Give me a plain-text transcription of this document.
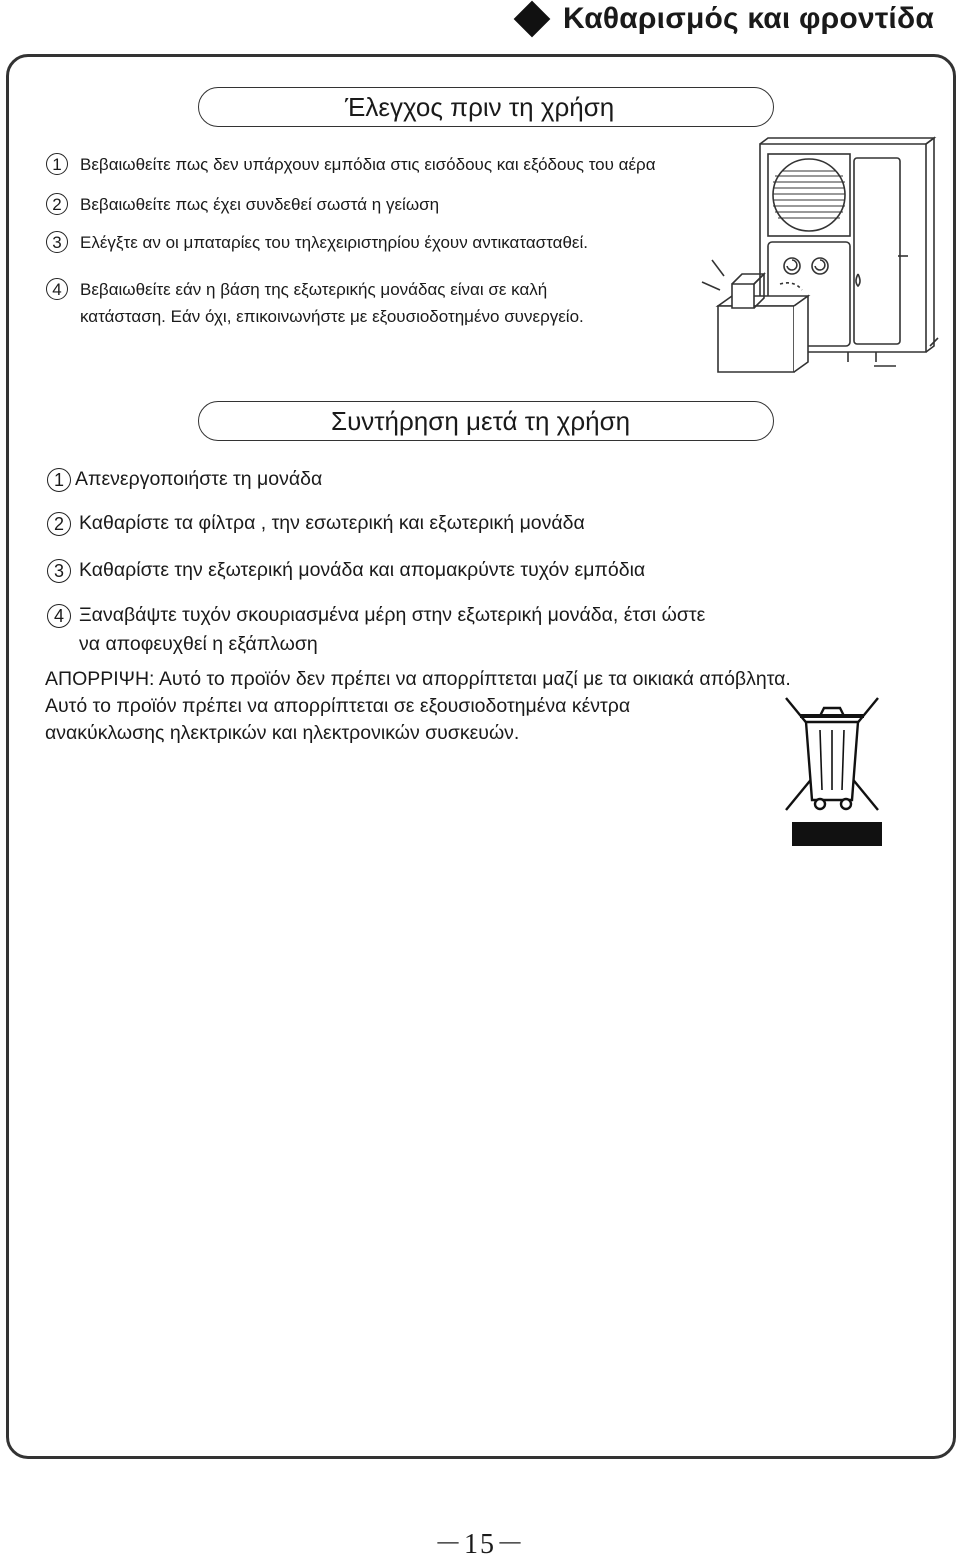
Καθαρισμός και φροντίδα
Έλεγχος πριν τη χρήση
1	Βεβαιωθείτε πως δεν υπάρχουν εμπόδια στις εισόδους και εξόδους του αέρα
2	Βεβαιωθείτε πως έχει συνδεθεί σωστά η γείωση
3	Ελέγξτε αν οι μπαταρίες του τηλεχειριστηρίου έχουν αντικατασταθεί.
4	Βεβαιωθείτε εάν η βάση της εξωτερικής μονάδας είναι σε καλή
κατάσταση. Εάν όχι, επικοινωνήστε με εξουσιοδοτημένο συνεργείο.
Συντήρηση μετά τη χρήση
1 Απενεργοποιήστε τη μονάδα
2 Καθαρίστε τα φίλτρα , την εσωτερική και εξωτερική μονάδα
3 Καθαρίστε την εξωτερική μονάδα και απομακρύντε τυχόν εμπόδια
4 Ξαναβάψτε τυχόν σκουριασμένα μέρη στην εξωτερική μονάδα, έτσι ώστε
να αποφευχθεί η εξάπλωση
ΑΠΟΡΡΙΨΗ: Αυτό το προϊόν δεν πρέπει να απορρίπτεται μαζί με τα οικιακά απόβλητα.
Αυτό το προϊόν πρέπει να απορρίπτεται σε εξουσιοδοτημένα κέντρα
ανακύκλωσης ηλεκτρικών και ηλεκτρονικών συσκευών.
－15－
